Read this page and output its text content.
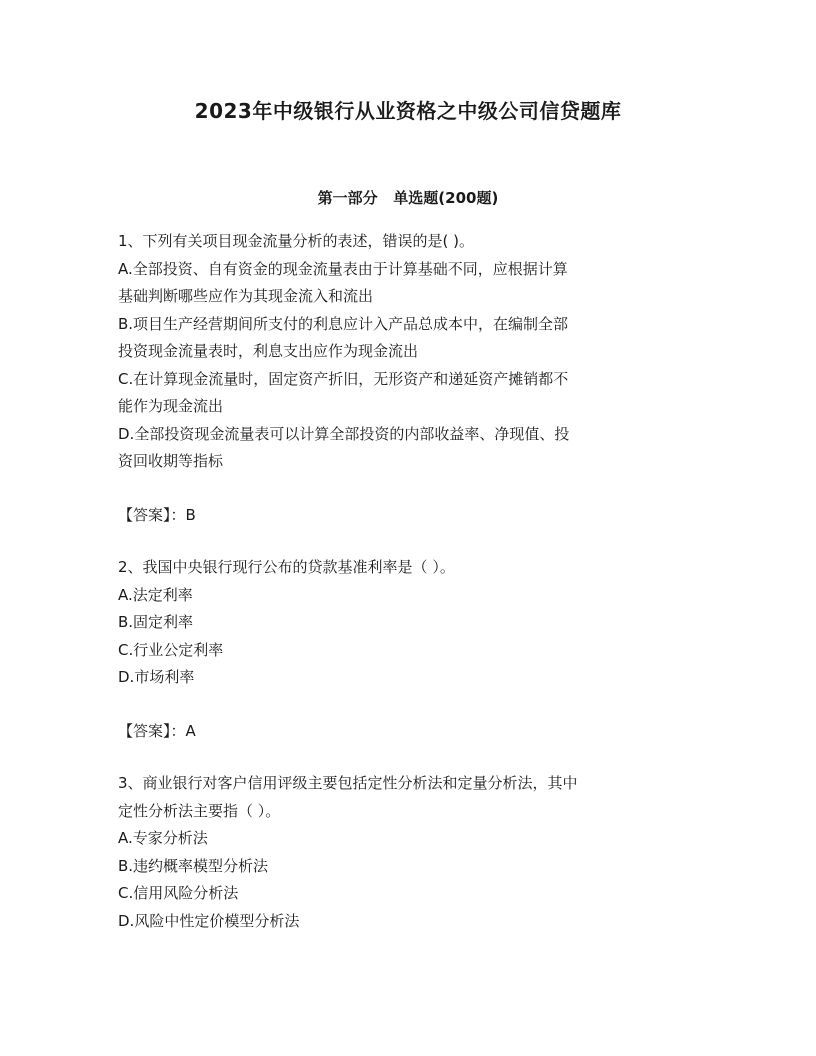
2023年中级银行从业资格之中级公司信贷题库
第一部分   单选题(200题)

1、下列有关项目现金流量分析的表述，错误的是( )。

A.全部投资、自有资金的现金流量表由于计算基础不同，应根据计算
基础判断哪些应作为其现金流入和流出

B.项目生产经营期间所支付的利息应计入产品总成本中，在编制全部
投资现金流量表时，利息支出应作为现金流出

C.在计算现金流量时，固定资产折旧，无形资产和递延资产摊销都不
能作为现金流出

D.全部投资现金流量表可以计算全部投资的内部收益率、净现值、投
资回收期等指标

【答案】：B

2、我国中央银行现行公布的贷款基准利率是（ ）。

A.法定利率

B.固定利率

C.行业公定利率

D.市场利率

【答案】：A

3、商业银行对客户信用评级主要包括定性分析法和定量分析法，其中
定性分析法主要指（ ）。

A.专家分析法

B.违约概率模型分析法

C.信用风险分析法

D.风险中性定价模型分析法
